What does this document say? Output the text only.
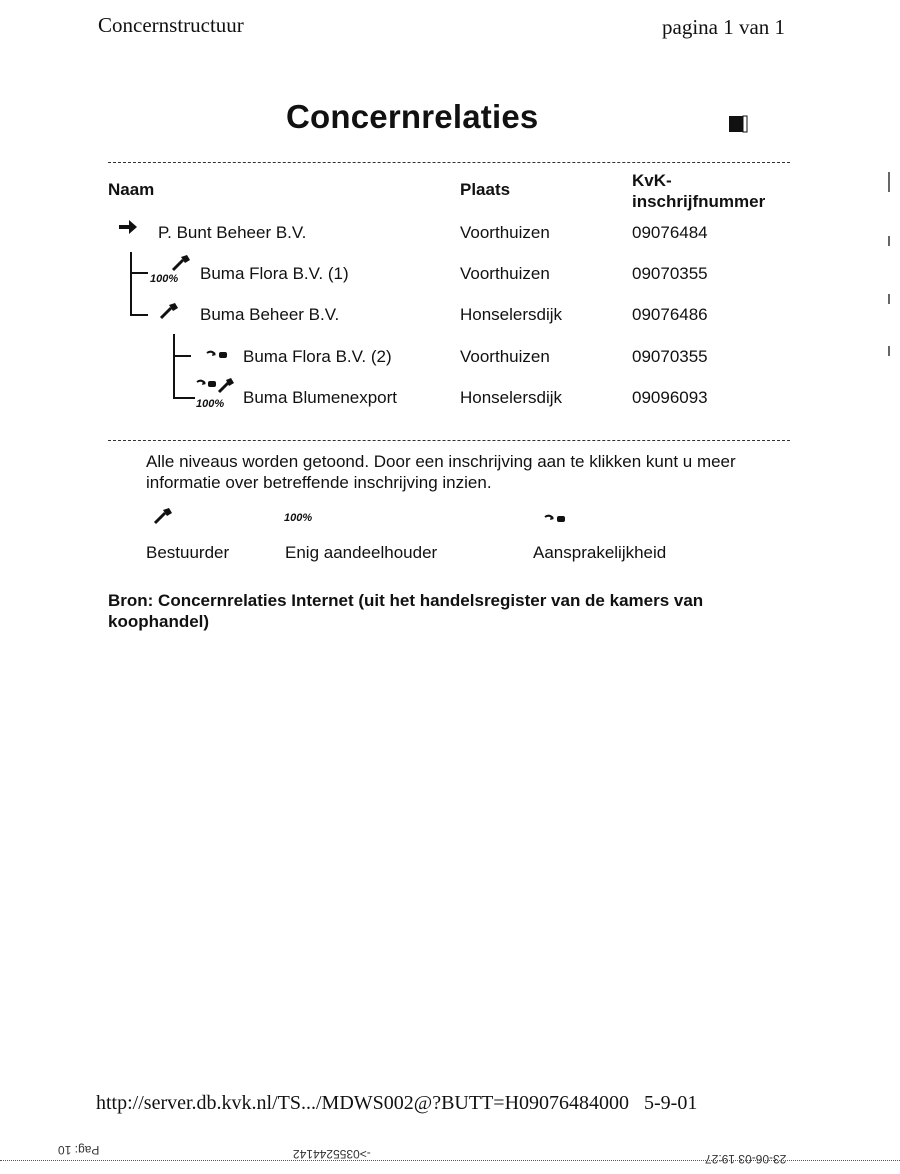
Concernstructuur	pagina 1 van 1
Concernrelaties
Naam	Plaats	KvK-
inschrijfnummer
P. Bunt Beheer B.V.	Voorthuizen	09076484
100% Buma Flora B.V. (1)	Voorthuizen	09070355
Buma Beheer B.V.	Honselersdijk	09076486
Buma Flora B.V. (2)	Voorthuizen	09070355
100% Buma Blumenexport	Honselersdijk	09096093
Alle niveaus worden getoond. Door een inschrijving aan te klikken kunt u meer informatie over betreffende inschrijving inzien.
100%
Bestuurder	Enig aandeelhouder	Aansprakelijkheid
Bron: Concernrelaties Internet (uit het handelsregister van de kamers van koophandel)
http://server.db.kvk.nl/TS.../MDWS002@?BUTT=H09076484000 5-9-01
Pag: 10	->0355244142	23-06-03 19:27
